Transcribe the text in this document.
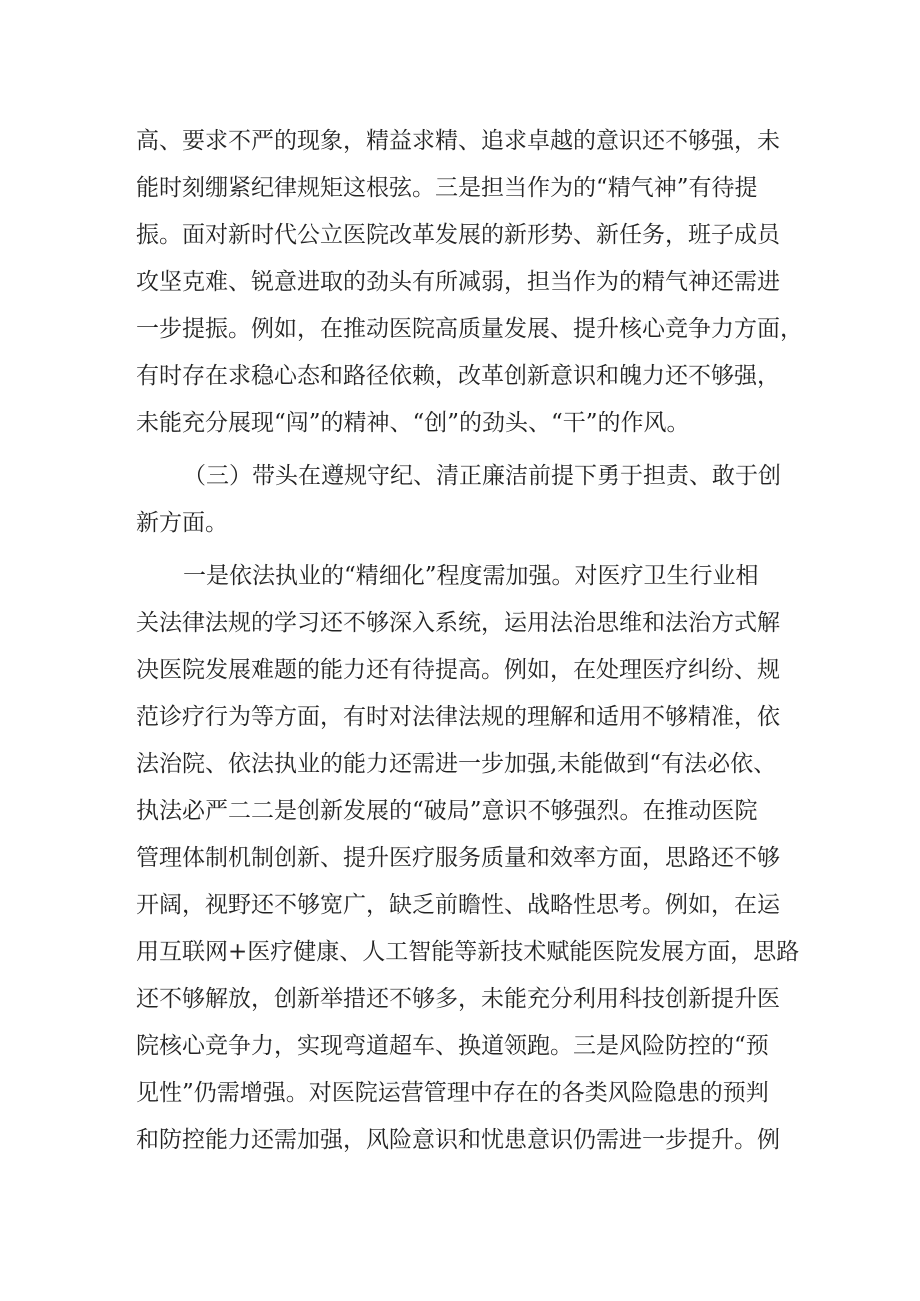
高、要求不严的现象，精益求精、追求卓越的意识还不够强，未
能时刻绷紧纪律规矩这根弦。三是担当作为的“精气神”有待提
振。面对新时代公立医院改革发展的新形势、新任务，班子成员
攻坚克难、锐意进取的劲头有所减弱，担当作为的精气神还需进
一步提振。例如，在推动医院高质量发展、提升核心竞争力方面，
有时存在求稳心态和路径依赖，改革创新意识和魄力还不够强，
未能充分展现“闯”的精神、“创”的劲头、“干”的作风。
（三）带头在遵规守纪、清正廉洁前提下勇于担责、敢于创
新方面。
一是依法执业的“精细化”程度需加强。对医疗卫生行业相
关法律法规的学习还不够深入系统，运用法治思维和法治方式解
决医院发展难题的能力还有待提高。例如，在处理医疗纠纷、规
范诊疗行为等方面，有时对法律法规的理解和适用不够精准，依
法治院、依法执业的能力还需进一步加强,未能做到“有法必依、
执法必严二二是创新发展的“破局”意识不够强烈。在推动医院
管理体制机制创新、提升医疗服务质量和效率方面，思路还不够
开阔，视野还不够宽广，缺乏前瞻性、战略性思考。例如，在运
用互联网+医疗健康、人工智能等新技术赋能医院发展方面，思路
还不够解放，创新举措还不够多，未能充分利用科技创新提升医
院核心竞争力，实现弯道超车、换道领跑。三是风险防控的“预
见性”仍需增强。对医院运营管理中存在的各类风险隐患的预判
和防控能力还需加强，风险意识和忧患意识仍需进一步提升。例
